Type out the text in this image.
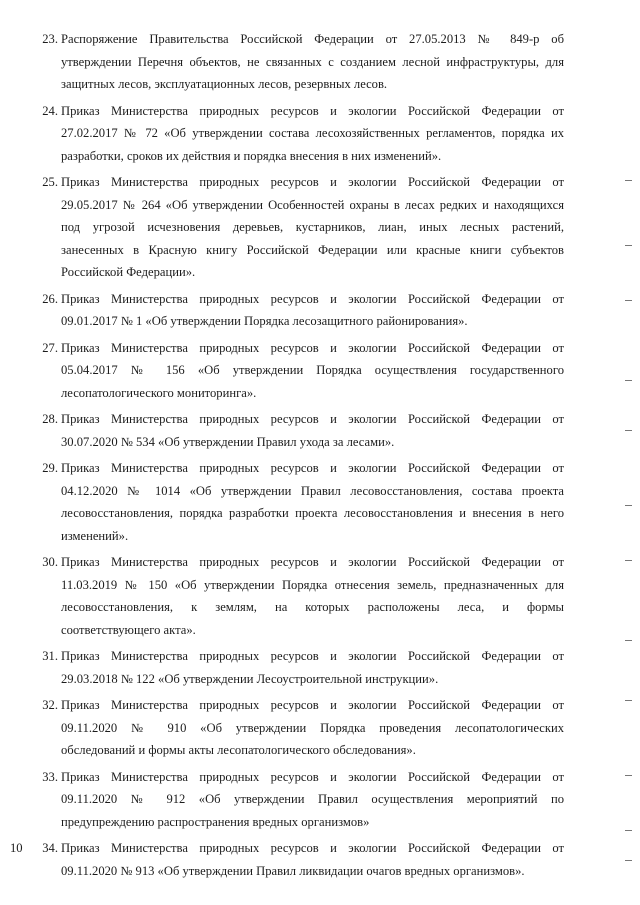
23. Распоряжение Правительства Российской Федерации от 27.05.2013 № 849-р об
утверждении Перечня объектов, не связанных с созданием лесной инфраструктуры, для
защитных лесов, эксплуатационных лесов, резервных лесов.
24. Приказ Министерства природных ресурсов и экологии Российской Федерации от
27.02.2017 № 72 «Об утверждении состава лесохозяйственных регламентов, порядка их
разработки, сроков их действия и порядка внесения в них изменений».
25. Приказ Министерства природных ресурсов и экологии Российской Федерации от
29.05.2017 № 264 «Об утверждении Особенностей охраны в лесах редких и находящихся
под угрозой исчезновения деревьев, кустарников, лиан, иных лесных растений,
занесенных в Красную книгу Российской Федерации или красные книги субъектов
Российской Федерации».
26. Приказ Министерства природных ресурсов и экологии Российской Федерации от
09.01.2017 № 1 «Об утверждении Порядка лесозащитного районирования».
27. Приказ Министерства природных ресурсов и экологии Российской Федерации от
05.04.2017 № 156 «Об утверждении Порядка осуществления государственного
лесопатологического мониторинга».
28. Приказ Министерства природных ресурсов и экологии Российской Федерации от
30.07.2020 № 534 «Об утверждении Правил ухода за лесами».
29. Приказ Министерства природных ресурсов и экологии Российской Федерации от
04.12.2020 № 1014 «Об утверждении Правил лесовосстановления, состава проекта
лесовосстановления, порядка разработки проекта лесовосстановления и внесения в него
изменений».
30. Приказ Министерства природных ресурсов и экологии Российской Федерации от
11.03.2019 № 150 «Об утверждении Порядка отнесения земель, предназначенных для
лесовосстановления, к землям, на которых расположены леса, и формы
соответствующего акта».
31. Приказ Министерства природных ресурсов и экологии Российской Федерации от
29.03.2018 № 122 «Об утверждении Лесоустроительной инструкции».
32. Приказ Министерства природных ресурсов и экологии Российской Федерации от
09.11.2020 № 910 «Об утверждении Порядка проведения лесопатологических
обследований и формы акты лесопатологического обследования».
33. Приказ Министерства природных ресурсов и экологии Российской Федерации от
09.11.2020 № 912 «Об утверждении Правил осуществления мероприятий по
предупреждению распространения вредных организмов»
34. Приказ Министерства природных ресурсов и экологии Российской Федерации от
09.11.2020 № 913 «Об утверждении Правил ликвидации очагов вредных организмов».
10
